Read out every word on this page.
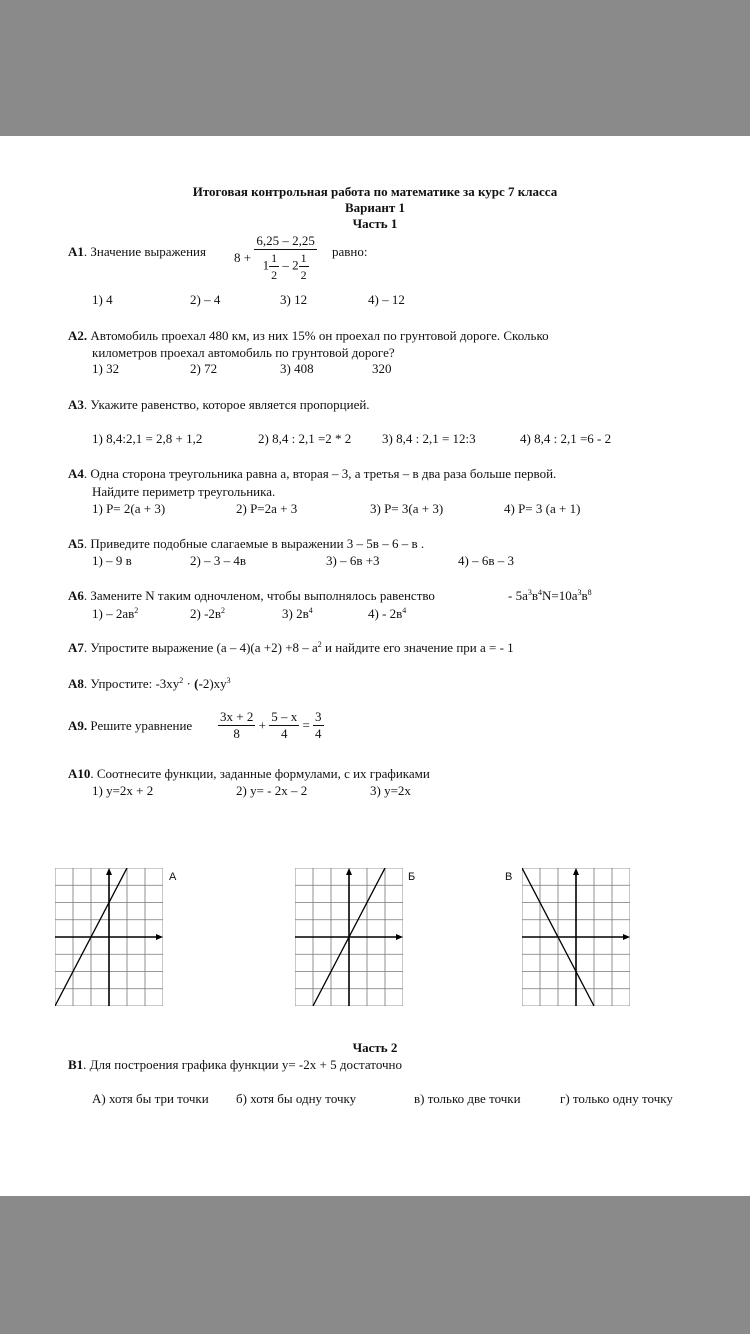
Итоговая контрольная работа по математике за курс 7 класса
Вариант 1
Часть 1
А1. Значение выражения $8 + \frac{6,25 - 2,25}{1 \frac{1}{2} - 2 \frac{1}{2}}$ равно:
1) 4	2) – 4	3) 12	4) – 12
А2. Автомобиль проехал 480 км, из них 15% он проехал по грунтовой дороге. Сколько
километров проехал автомобиль по грунтовой дороге?
1) 32	2) 72	3) 408	320
А3. Укажите равенство, которое является пропорцией.
1) 8,4:2,1 = 2,8 + 1,2	2) 8,4 : 2,1 =2 * 2 3) 8,4 : 2,1 = 12:3	4) 8,4 : 2,1 =6 - 2
А4. Одна сторона треугольника равна а, вторая – 3, а третья – в два раза больше первой.
Найдите периметр треугольника.
1) P= 2(a + 3)	2) P=2a + 3	3) P= 3(a + 3)	4) P= 3 (a + 1)
А5. Приведите подобные слагаемые в выражении 3 – 5в – 6 – в .
1) – 9 в	2) – 3 – 4в	3) – 6в +3	4) – 6в – 3
А6. Замените N таким одночленом, чтобы выполнялось равенство	- $5a^3в^4N=10a^3в^8$
$1) - 2ав^2$	2) $-2в^2$	3) $2в^4$	$4) - 2в^4$
А7. Упростите выражение $(а - 4)(а +2) +8 - а^2$ и найдите его значение при а = - 1
А8. Упростите: $-3xy^2 \cdot (-2)xy^3$
А9. Решите уравнение $\frac{3x + 2}{8} + \frac{5 - x}{4} = \frac{3}{4}$
А10. Соотнесите функции, заданные формулами, с их графиками
1) y=2x + 2	2) y= - 2x – 2	3) y=2x
А	Б	В
Часть 2
В1. Для построения графика функции y= -2x + 5 достаточно
А) хотя бы три точки б) хотя бы одну точку	в) только две точки	г) только одну точку
